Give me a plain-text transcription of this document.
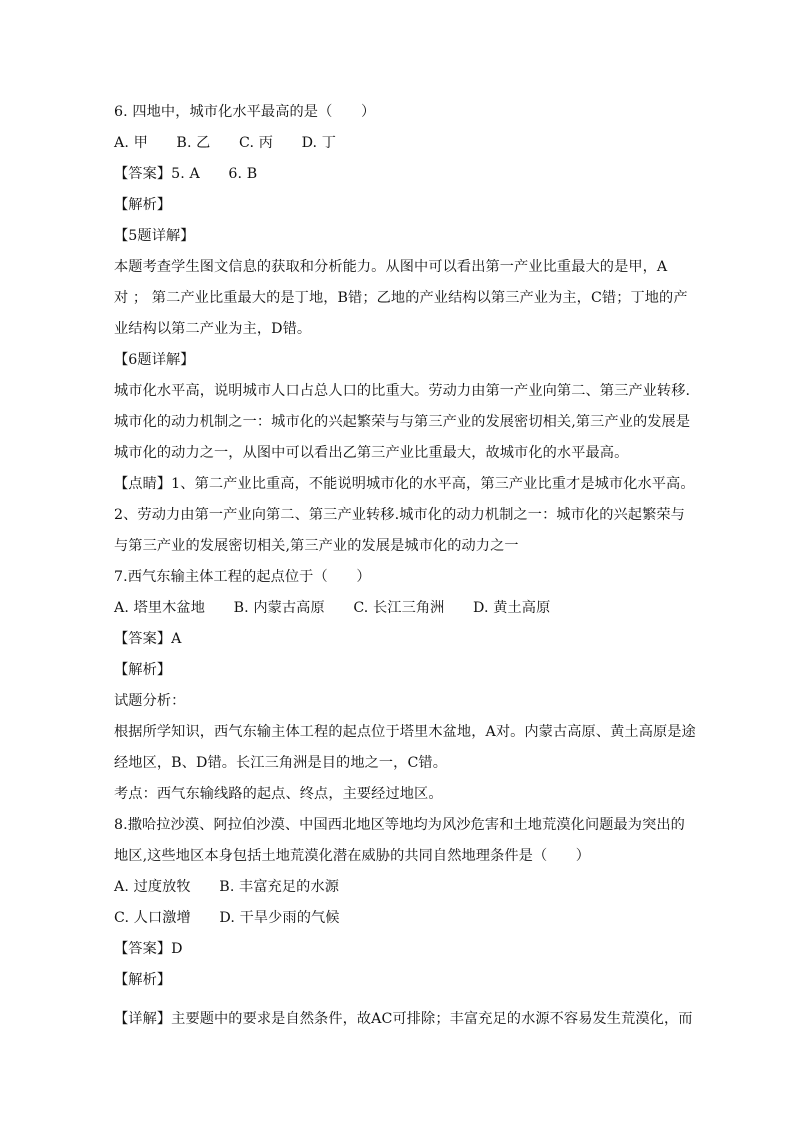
6. 四地中，城市化水平最高的是（　　）
A. 甲　　B. 乙　　C. 丙　　D. 丁
【答案】5. A　　6. B
【解析】
【5题详解】
本题考查学生图文信息的获取和分析能力。从图中可以看出第一产业比重最大的是甲，A
对 ； 第二产业比重最大的是丁地，B错；乙地的产业结构以第三产业为主，C错；丁地的产
业结构以第二产业为主，D错。
【6题详解】
城市化水平高，说明城市人口占总人口的比重大。劳动力由第一产业向第二、第三产业转移.
城市化的动力机制之一：城市化的兴起繁荣与与第三产业的发展密切相关,第三产业的发展是
城市化的动力之一，从图中可以看出乙第三产业比重最大，故城市化的水平最高。
【点睛】1、第二产业比重高，不能说明城市化的水平高，第三产业比重才是城市化水平高。
2、劳动力由第一产业向第二、第三产业转移.城市化的动力机制之一：城市化的兴起繁荣与
与第三产业的发展密切相关,第三产业的发展是城市化的动力之一
7.西气东输主体工程的起点位于（　　）
A. 塔里木盆地　　B. 内蒙古高原　　C. 长江三角洲　　D. 黄土高原
【答案】A
【解析】
试题分析：
根据所学知识，西气东输主体工程的起点位于塔里木盆地，A对。内蒙古高原、黄土高原是途
经地区，B、D错。长江三角洲是目的地之一，C错。
考点：西气东输线路的起点、终点，主要经过地区。
8.撒哈拉沙漠、阿拉伯沙漠、中国西北地区等地均为风沙危害和土地荒漠化问题最为突出的
地区,这些地区本身包括土地荒漠化潜在威胁的共同自然地理条件是（　　）
A. 过度放牧　　B. 丰富充足的水源
C. 人口激增　　D. 干旱少雨的气候
【答案】D
【解析】
【详解】主要题中的要求是自然条件，故AC可排除；丰富充足的水源不容易发生荒漠化，而
